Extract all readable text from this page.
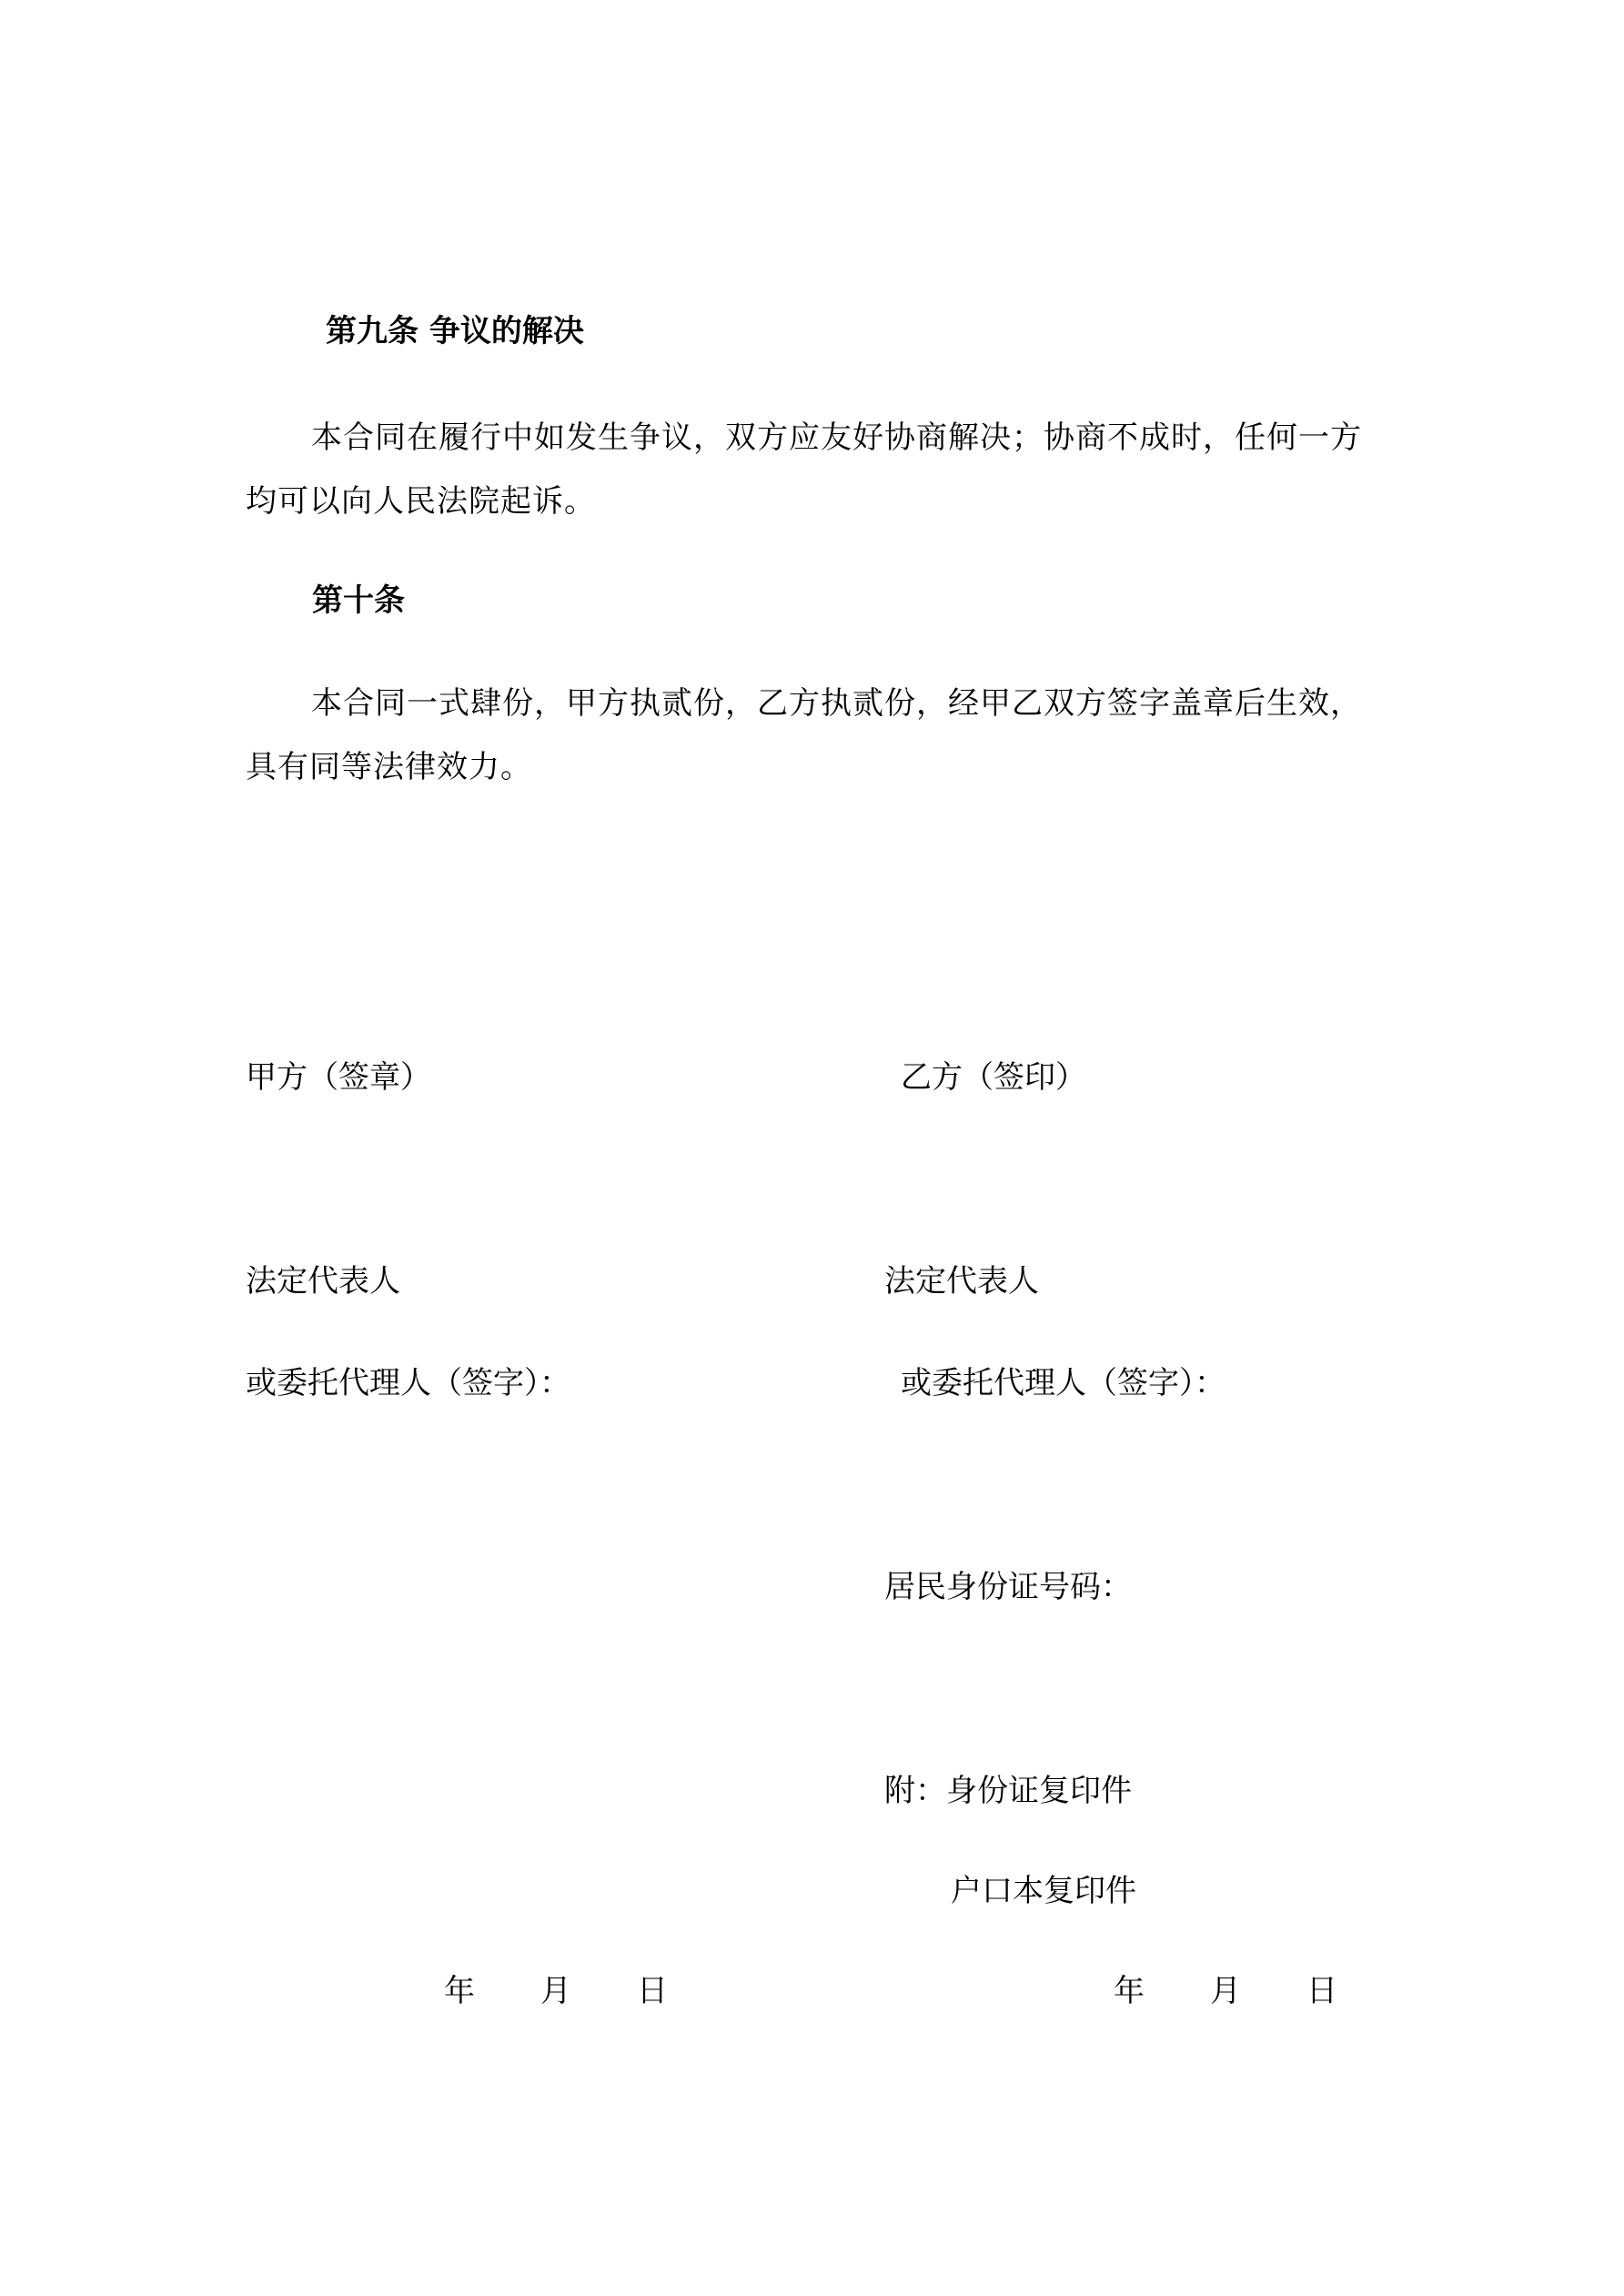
第九条 争议的解决

本合同在履行中如发生争议，双方应友好协商解决；协商不成时，任何一方均可以向人民法院起诉。

第十条

本合同一式肆份，甲方执贰份，乙方执贰份，经甲乙双方签字盖章后生效，具有同等法律效力。

甲方（签章）	乙方（签印）
法定代表人	法定代表人
或委托代理人（签字）：	或委托代理人（签字）：
居民身份证号码：
附：身份证复印件
户口本复印件
年 月 日	年 月 日
